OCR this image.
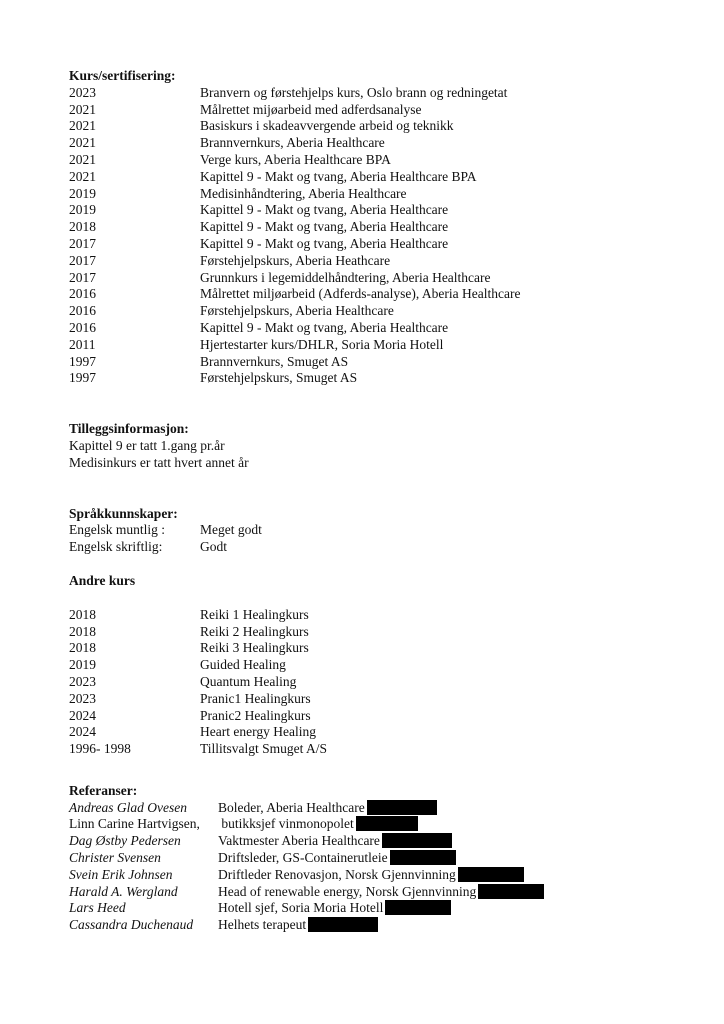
Kurs/sertifisering:
2023	Branvern og førstehjelps kurs, Oslo brann og redningetat
2021	Målrettet mijøarbeid med adferdsanalyse
2021	Basiskurs i skadeavvergende arbeid og teknikk
2021	Brannvernkurs, Aberia Healthcare
2021	Verge kurs, Aberia Healthcare BPA
2021	Kapittel 9 - Makt og tvang, Aberia Healthcare BPA
2019	Medisinhåndtering, Aberia Healthcare
2019	Kapittel 9 - Makt og tvang, Aberia Healthcare
2018	Kapittel 9 - Makt og tvang, Aberia Healthcare
2017	Kapittel 9 - Makt og tvang, Aberia Healthcare
2017	Førstehjelpskurs, Aberia Heathcare
2017	Grunnkurs i legemiddelhåndtering, Aberia Healthcare
2016	Målrettet miljøarbeid (Adferds-analyse), Aberia Healthcare
2016	Førstehjelpskurs, Aberia Healthcare
2016	Kapittel 9 - Makt og tvang, Aberia Healthcare
2011	Hjertestarter kurs/DHLR, Soria Moria Hotell
1997	Brannvernkurs, Smuget AS
1997	Førstehjelpskurs, Smuget AS
Tilleggsinformasjon:
Kapittel 9 er tatt 1.gang pr.år
Medisinkurs er tatt hvert annet år
Språkkunnskaper:
Engelsk muntlig :	Meget godt
Engelsk skriftlig:	Godt
Andre kurs
2018	Reiki 1 Healingkurs
2018	Reiki 2 Healingkurs
2018	Reiki 3 Healingkurs
2019	Guided Healing
2023	Quantum Healing
2023	Pranic1 Healingkurs
2024	Pranic2 Healingkurs
2024	Heart energy Healing
1996- 1998	Tillitsvalgt Smuget A/S
Referanser:
Andreas Glad Ovesen	Boleder, Aberia Healthcare
Linn Carine Hartvigsen,	butikksjef vinmonopolet
Dag Østby Pedersen	Vaktmester Aberia Healthcare
Christer Svensen	Driftsleder, GS-Containerutleie
Svein Erik Johnsen	Driftleder Renovasjon, Norsk Gjennvinning
Harald A. Wergland	Head of renewable energy, Norsk Gjennvinning
Lars Heed	Hotell sjef, Soria Moria Hotell
Cassandra Duchenaud	Helhets terapeut
